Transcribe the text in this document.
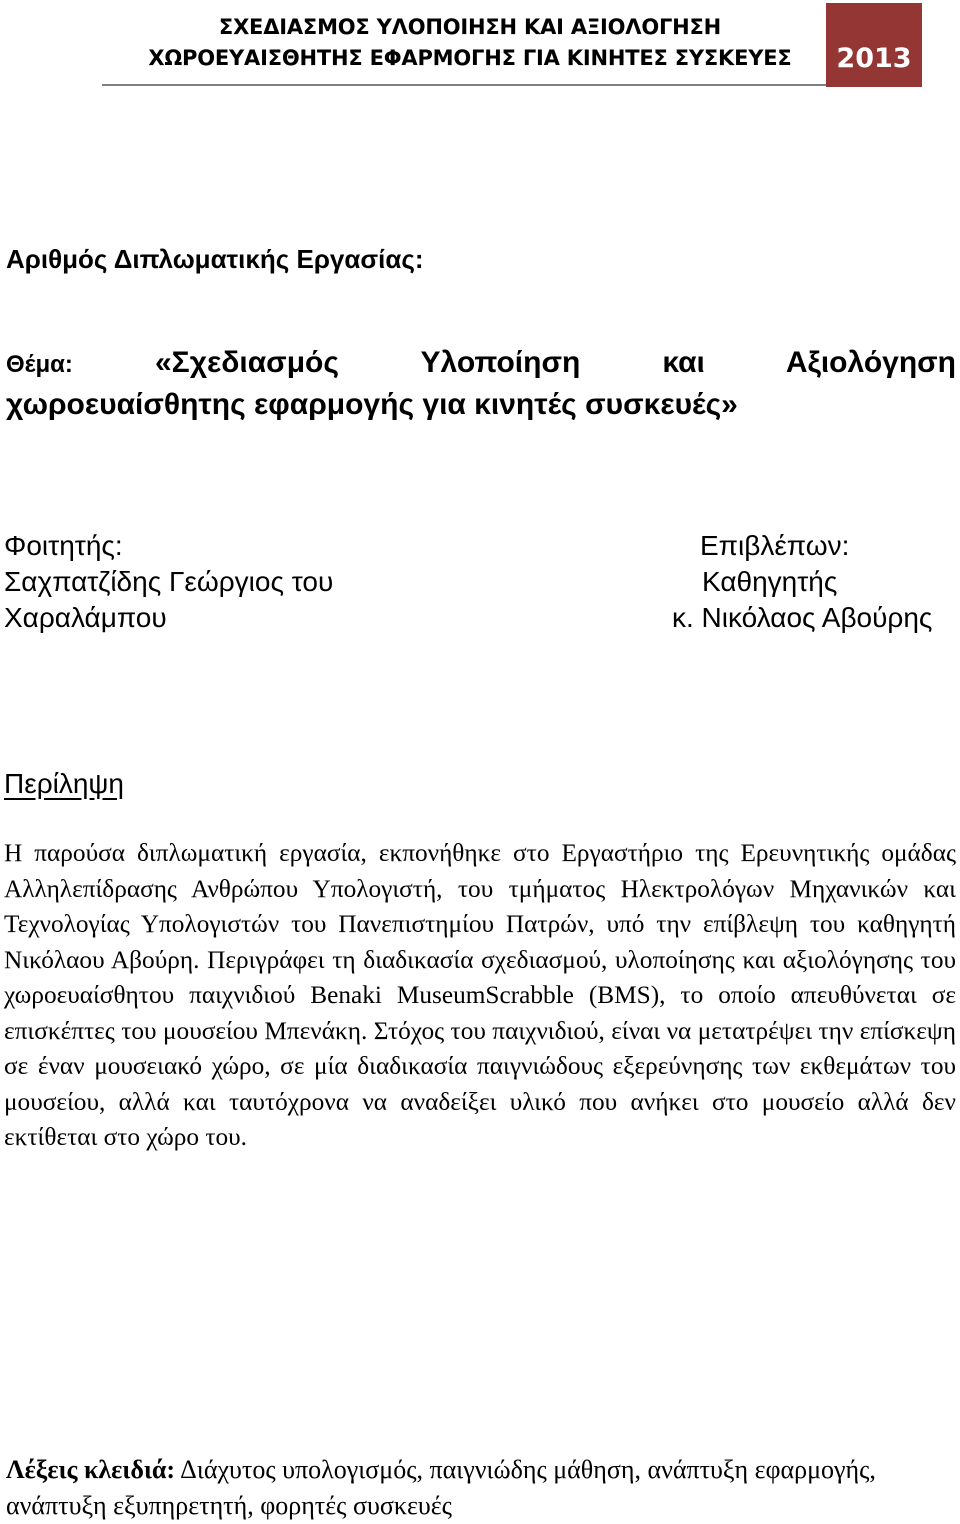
ΣΧΕΔΙΑΣΜΟΣ ΥΛΟΠΟΙΗΣΗ ΚΑΙ ΑΞΙΟΛΟΓΗΣΗ
ΧΩΡΟΕΥΑΙΣΘΗΤΗΣ ΕΦΑΡΜΟΓΗΣ ΓΙΑ ΚΙΝΗΤΕΣ ΣΥΣΚΕΥΕΣ	2013
Αριθμός Διπλωματικής Εργασίας:
Θέμα:	«Σχεδιασμός	Υλοποίηση	και	Αξιολόγηση
χωροευαίσθητης εφαρμογής για κινητές συσκευές»
Φοιτητής:
Σαχπατζίδης Γεώργιος του
Χαραλάμπου
Επιβλέπων:
Καθηγητής
κ. Νικόλαος Αβούρης
Περίληψη
Η παρούσα διπλωματική εργασία, εκπονήθηκε στο Εργαστήριο της Ερευνητικής ομάδας Αλληλεπίδρασης Ανθρώπου Υπολογιστή, του τμήματος Ηλεκτρολόγων Μηχανικών και Τεχνολογίας Υπολογιστών του Πανεπιστημίου Πατρών, υπό την επίβλεψη του καθηγητή Νικόλαου Αβούρη. Περιγράφει τη διαδικασία σχεδιασμού, υλοποίησης και αξιολόγησης του χωροευαίσθητου παιχνιδιού Benaki MuseumScrabble (BMS), το οποίο απευθύνεται σε επισκέπτες του μουσείου Μπενάκη. Στόχος του παιχνιδιού, είναι να μετατρέψει την επίσκεψη σε έναν μουσειακό χώρο, σε μία διαδικασία παιγνιώδους εξερεύνησης των εκθεμάτων του μουσείου, αλλά και ταυτόχρονα να αναδείξει υλικό που ανήκει στο μουσείο αλλά δεν εκτίθεται στο χώρο του.
Λέξεις κλειδιά: Διάχυτος υπολογισμός, παιγνιώδης μάθηση, ανάπτυξη εφαρμογής, ανάπτυξη εξυπηρετητή, φορητές συσκευές
